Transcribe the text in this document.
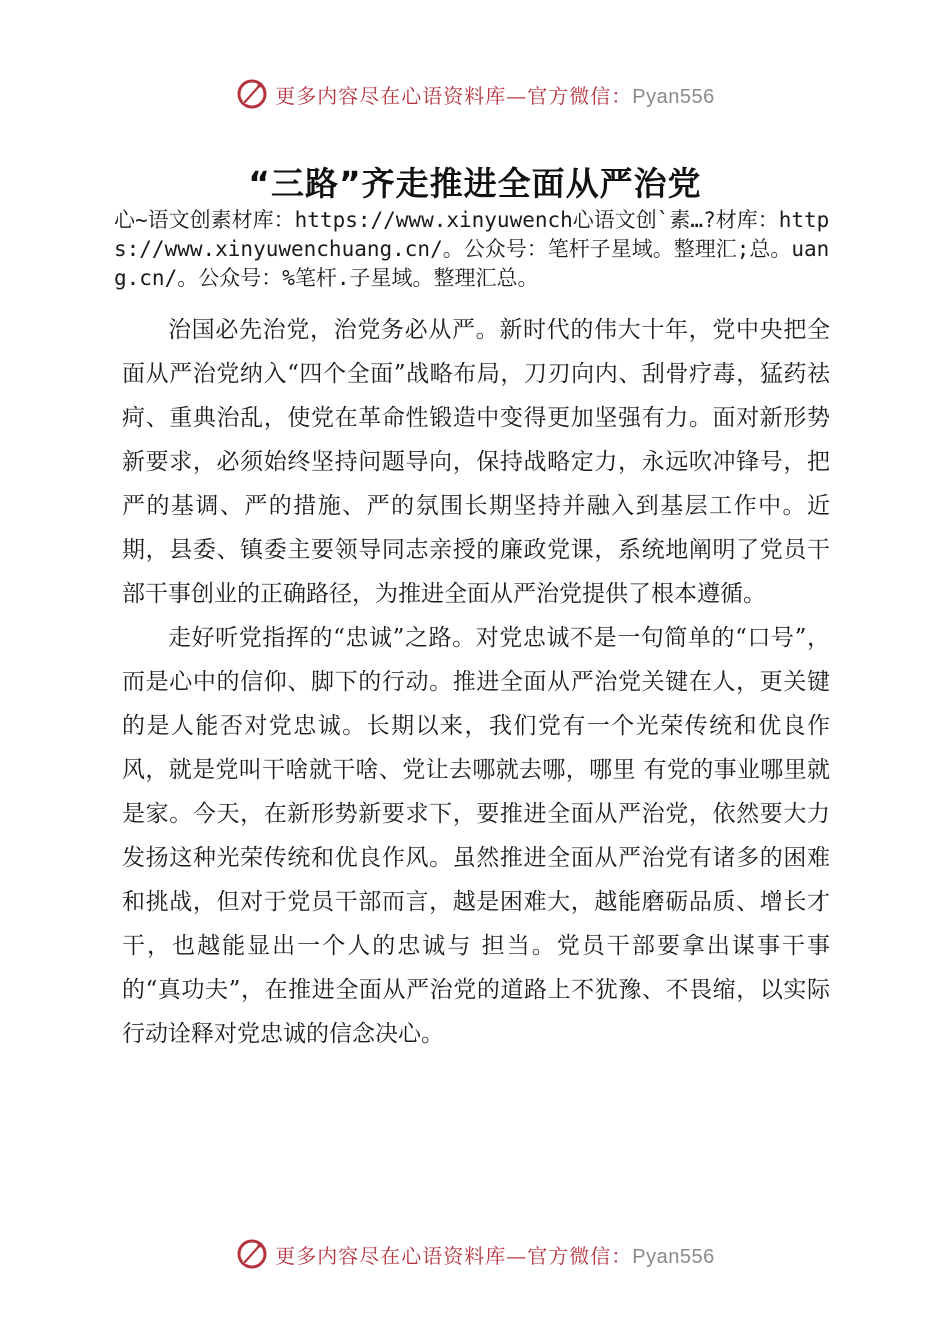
更多内容尽在心语资料库—官方微信：Pyan556
“三路”齐走推进全面从严治党
心~语文创素材库：https://www.xinyuwench心语文创`素…?材库：https://www.xinyuwenchuang.cn/。公众号：笔杆子星域。整理汇;总。uang.cn/。公众号：%笔杆.子星域。整理汇总。

治国必先治党，治党务必从严。新时代的伟大十年，党中央把全面从严治党纳入“四个全面”战略布局，刀刃向内、刮骨疗毒，猛药祛疴、重典治乱，使党在革命性锻造中变得更加坚强有力。面对新形势新要求，必须始终坚持问题导向，保持战略定力，永远吹冲锋号，把严的基调、严的措施、严的氛围长期坚持并融入到基层工作中。近期，县委、镇委主要领导同志亲授的廉政党课，系统地阐明了党员干部干事创业的正确路径，为推进全面从严治党提供了根本遵循。

走好听党指挥的“忠诚”之路。对党忠诚不是一句简单的“口号”，而是心中的信仰、脚下的行动。推进全面从严治党关键在人，更关键的是人能否对党忠诚。长期以来，我们党有一个光荣传统和优良作风，就是党叫干啥就干啥、党让去哪就去哪，哪里 有党的事业哪里就是家。今天，在新形势新要求下，要推进全面从严治党，依然要大力发扬这种光荣传统和优良作风。虽然推进全面从严治党有诸多的困难和挑战，但对于党员干部而言，越是困难大，越能磨砺品质、增长才干，也越能显出一个人的忠诚与 担当。党员干部要拿出谋事干事的“真功夫”，在推进全面从严治党的道路上不犹豫、不畏缩，以实际行动诠释对党忠诚的信念决心。

更多内容尽在心语资料库—官方微信：Pyan556
